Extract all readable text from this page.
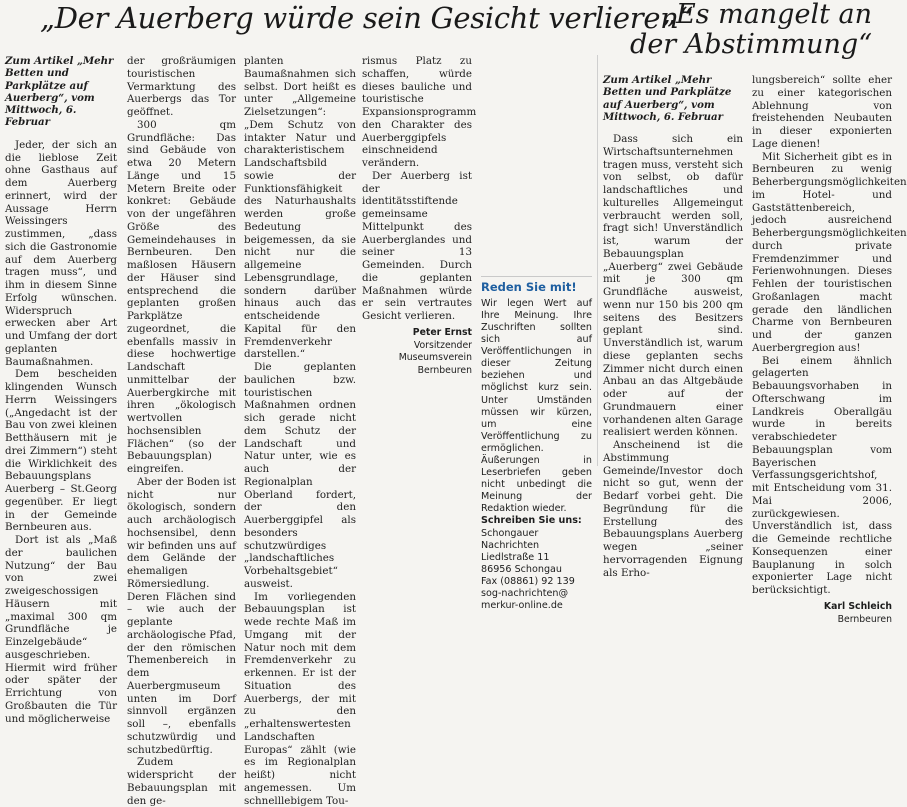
„Der Auerberg würde sein Gesicht verlieren“
„Es mangelt an
der Abstimmung“

Zum Artikel „Mehr Betten und Parkplätze auf Auerberg“, vom Mittwoch, 6. Februar

Jeder, der sich an die lieblose Zeit ohne Gasthaus auf dem Auerberg erinnert, wird der Aussage Herrn Weissingers zustimmen, „dass sich die Gastronomie auf dem Auerberg tragen muss“, und ihm in diesem Sinne Erfolg wünschen. Widerspruch erwecken aber Art und Umfang der dort geplanten Baumaßnahmen.

Dem bescheiden klingenden Wunsch Herrn Weissingers („Angedacht ist der Bau von zwei kleinen Betthäusern mit je drei Zimmern“) steht die Wirklichkeit des Bebauungsplans Auerberg – St.Georg gegenüber. Er liegt in der Gemeinde Bernbeuren aus.

Dort ist als „Maß der baulichen Nutzung“ der Bau von zwei zweigeschossigen Häusern mit „maximal 300 qm Grundfläche je Einzelgebäude“ ausgeschrieben. Hiermit wird früher oder später der Errichtung von Großbauten die Tür und möglicherweise

der großräumigen touristischen Vermarktung des Auerbergs das Tor geöffnet.

300 qm Grundfläche: Das sind Gebäude von etwa 20 Metern Länge und 15 Metern Breite oder konkret: Gebäude von der ungefähren Größe des Gemeindehauses in Bernbeuren. Den maßlosen Häusern der Häuser sind entsprechend die geplanten großen Parkplätze zugeordnet, die ebenfalls massiv in diese hochwertige Landschaft unmittelbar der Auerbergkirche mit ihren „ökologisch wertvollen hochsensiblen Flächen“ (so der Bebauungsplan) eingreifen.

Aber der Boden ist nicht nur ökologisch, sondern auch archäologisch hochsensibel, denn wir befinden uns auf dem Gelände der ehemaligen Römersiedlung. Deren Flächen sind – wie auch der geplante archäologische Pfad, der den römischen Themenbereich in dem Auerbergmuseum unten im Dorf sinnvoll ergänzen soll –, ebenfalls schutzwürdig und schutzbedürftig.

Zudem widerspricht der Bebauungsplan mit den ge-

planten Baumaßnahmen sich selbst. Dort heißt es unter „Allgemeine Zielsetzungen“: „Dem Schutz von intakter Natur und charakteristischem Landschaftsbild sowie der Funktionsfähigkeit des Naturhaushalts werden große Bedeutung beigemessen, da sie nicht nur die allgemeine Lebensgrundlage, sondern darüber hinaus auch das entscheidende Kapital für den Fremdenverkehr darstellen.“

Die geplanten baulichen bzw. touristischen Maßnahmen ordnen sich gerade nicht dem Schutz der Landschaft und Natur unter, wie es auch der Regionalplan Oberland fordert, der den Auerberggipfel als besonders schutzwürdiges „landschaftliches Vorbehaltsgebiet“ ausweist.

Im vorliegenden Bebauungsplan ist wede rechte Maß im Umgang mit der Natur noch mit dem Fremdenverkehr zu erkennen. Er ist der Situation des Auerbergs, der mit zu den „erhaltenswertesten Landschaften Europas“ zählt (wie es im Regionalplan heißt) nicht angemessen. Um schnelllebigem Tou-

rismus Platz zu schaffen, würde dieses bauliche und touristische Expansionsprogramm den Charakter des Auerberggipfels einschneidend verändern.

Der Auerberg ist der identitätsstiftende gemeinsame Mittelpunkt des Auerberglandes und seiner 13 Gemeinden. Durch die geplanten Maßnahmen würde er sein vertrautes Gesicht verlieren.

Peter Ernst

Vorsitzender Museumsverein

Bernbeuren

Reden Sie mit!

Wir legen Wert auf Ihre Meinung. Ihre Zuschriften sollten sich auf Veröffentlichungen in dieser Zeitung beziehen und möglichst kurz sein. Unter Umständen müssen wir kürzen, um eine Veröffentlichung zu ermöglichen. Äußerungen in Leserbriefen geben nicht unbedingt die Meinung der Redaktion wieder.

Schreiben Sie uns:

Schongauer Nachrichten

Liedlstraße 11

86956 Schongau

Fax (08861) 92 139

sog-nachrichten@

merkur-online.de

Zum Artikel „Mehr Betten und Parkplätze auf Auerberg“, vom Mittwoch, 6. Februar

Dass sich ein Wirtschaftsunternehmen tragen muss, versteht sich von selbst, ob dafür landschaftliches und kulturelles Allgemeingut verbraucht werden soll, fragt sich! Unverständlich ist, warum der Bebauungsplan „Auerberg“ zwei Gebäude mit je 300 qm Grundfläche ausweist, wenn nur 150 bis 200 qm seitens des Besitzers geplant sind. Unverständlich ist, warum diese geplanten sechs Zimmer nicht durch einen Anbau an das Altgebäude oder auf der Grundmauern einer vorhandenen alten Garage realisiert werden können.

Anscheinend ist die Abstimmung Gemeinde/Investor doch nicht so gut, wenn der Bedarf vorbei geht. Die Begründung für die Erstellung des Bebauungsplans Auerberg wegen „seiner hervorragenden Eignung als Erho-

lungsbereich“ sollte eher zu einer kategorischen Ablehnung von freistehenden Neubauten in dieser exponierten Lage dienen!

Mit Sicherheit gibt es in Bernbeuren zu wenig Beherbergungsmöglichkeiten im Hotel- und Gaststättenbereich, jedoch ausreichend Beherbergungsmöglichkeiten durch private Fremdenzimmer und Ferienwohnungen. Dieses Fehlen der touristischen Großanlagen macht gerade den ländlichen Charme von Bernbeuren und der ganzen Auerbergregion aus!

Bei einem ähnlich gelagerten Bebauungsvorhaben in Ofterschwang im Landkreis Oberallgäu wurde in bereits verabschiedeter Bebauungsplan vom Bayerischen Verfassungsgerichtshof, mit Entscheidung vom 31. Mai 2006, zurückgewiesen. Unverständlich ist, dass die Gemeinde rechtliche Konsequenzen einer Bauplanung in solch exponierter Lage nicht berücksichtigt.

Karl Schleich

Bernbeuren
